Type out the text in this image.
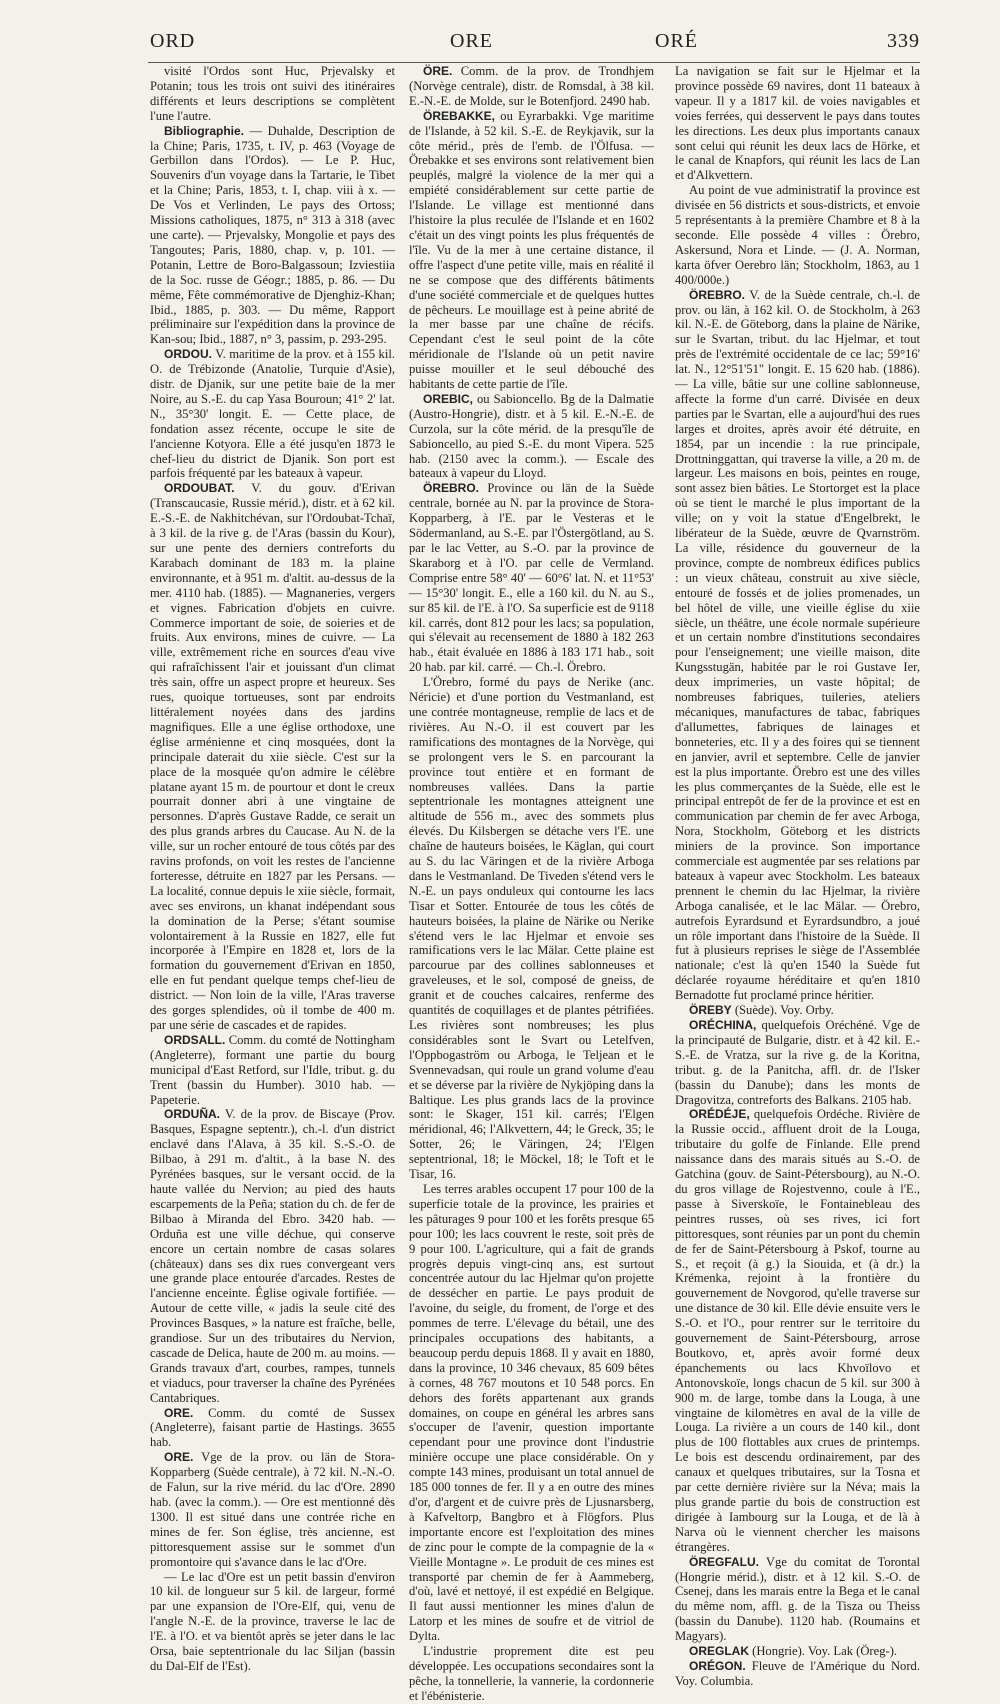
ORD	ORE	ORÉ	339

visité l'Ordos sont Huc, Prjevalsky et Potanin; tous les trois ont suivi des itinéraires différents et leurs descriptions se complètent l'une l'autre.

Bibliographie. — Duhalde, Description de la Chine; Paris, 1735, t. IV, p. 463 (Voyage de Gerbillon dans l'Ordos). — Le P. Huc, Souvenirs d'un voyage dans la Tartarie, le Tibet et la Chine; Paris, 1853, t. I, chap. viii à x. — De Vos et Verlinden, Le pays des Ortoss; Missions catholiques, 1875, n° 313 à 318 (avec une carte). — Prjevalsky, Mongolie et pays des Tangoutes; Paris, 1880, chap. v, p. 101. — Potanin, Lettre de Boro-Balgassoun; Izviestiia de la Soc. russe de Géogr.; 1885, p. 86. — Du même, Fête commémorative de Djenghiz-Khan; Ibid., 1885, p. 303. — Du même, Rapport préliminaire sur l'expédition dans la province de Kan-sou; Ibid., 1887, n° 3, passim, p. 293-295.

ORDOU. V. maritime de la prov. et à 155 kil. O. de Trébizonde (Anatolie, Turquie d'Asie), distr. de Djanik, sur une petite baie de la mer Noire, au S.-E. du cap Yasa Bouroun; 41° 2' lat. N., 35°30' longit. E. — Cette place, de fondation assez récente, occupe le site de l'ancienne Kotyora. Elle a été jusqu'en 1873 le chef-lieu du district de Djanik. Son port est parfois fréquenté par les bateaux à vapeur.

ORDOUBAT. V. du gouv. d'Erivan (Transcaucasie, Russie mérid.), distr. et à 62 kil. E.-S.-E. de Nakhitchévan, sur l'Ordoubat-Tchaï, à 3 kil. de la rive g. de l'Aras (bassin du Kour), sur une pente des derniers contreforts du Karabach dominant de 183 m. la plaine environnante, et à 951 m. d'altit. au-dessus de la mer. 4110 hab. (1885). — Magnaneries, vergers et vignes. Fabrication d'objets en cuivre. Commerce important de soie, de soieries et de fruits. Aux environs, mines de cuivre. — La ville, extrêmement riche en sources d'eau vive qui rafraîchissent l'air et jouissant d'un climat très sain, offre un aspect propre et heureux. Ses rues, quoique tortueuses, sont par endroits littéralement noyées dans des jardins magnifiques. Elle a une église orthodoxe, une église arménienne et cinq mosquées, dont la principale daterait du xiie siècle. C'est sur la place de la mosquée qu'on admire le célèbre platane ayant 15 m. de pourtour et dont le creux pourrait donner abri à une vingtaine de personnes. D'après Gustave Radde, ce serait un des plus grands arbres du Caucase. Au N. de la ville, sur un rocher entouré de tous côtés par des ravins profonds, on voit les restes de l'ancienne forteresse, détruite en 1827 par les Persans. — La localité, connue depuis le xiie siècle, formait, avec ses environs, un khanat indépendant sous la domination de la Perse; s'étant soumise volontairement à la Russie en 1827, elle fut incorporée à l'Empire en 1828 et, lors de la formation du gouvernement d'Erivan en 1850, elle en fut pendant quelque temps chef-lieu de district. — Non loin de la ville, l'Aras traverse des gorges splendides, où il tombe de 400 m. par une série de cascades et de rapides.

ORDSALL. Comm. du comté de Nottingham (Angleterre), formant une partie du bourg municipal d'East Retford, sur l'Idle, tribut. g. du Trent (bassin du Humber). 3010 hab. — Papeterie.

ORDUÑA. V. de la prov. de Biscaye (Prov. Basques, Espagne septentr.), ch.-l. d'un district enclavé dans l'Alava, à 35 kil. S.-S.-O. de Bilbao, à 291 m. d'altit., à la base N. des Pyrénées basques, sur le versant occid. de la haute vallée du Nervion; au pied des hauts escarpements de la Peña; station du ch. de fer de Bilbao à Miranda del Ebro. 3420 hab. — Orduña est une ville déchue, qui conserve encore un certain nombre de casas solares (châteaux) dans ses dix rues convergeant vers une grande place entourée d'arcades. Restes de l'ancienne enceinte. Église ogivale fortifiée. — Autour de cette ville, « jadis la seule cité des Provinces Basques, » la nature est fraîche, belle, grandiose. Sur un des tributaires du Nervion, cascade de Delica, haute de 200 m. au moins. — Grands travaux d'art, courbes, rampes, tunnels et viaducs, pour traverser la chaîne des Pyrénées Cantabriques.

ORE. Comm. du comté de Sussex (Angleterre), faisant partie de Hastings. 3655 hab.

ORE. Vge de la prov. ou län de Stora-Kopparberg (Suède centrale), à 72 kil. N.-N.-O. de Falun, sur la rive mérid. du lac d'Ore. 2890 hab. (avec la comm.). — Ore est mentionné dès 1300. Il est situé dans une contrée riche en mines de fer. Son église, très ancienne, est pittoresquement assise sur le sommet d'un promontoire qui s'avance dans le lac d'Ore.

— Le lac d'Ore est un petit bassin d'environ 10 kil. de longueur sur 5 kil. de largeur, formé par une expansion de l'Ore-Elf, qui, venu de l'angle N.-E. de la province, traverse le lac de l'E. à l'O. et va bientôt après se jeter dans le lac Orsa, baie septentrionale du lac Siljan (bassin du Dal-Elf de l'Est).

ÖRE. Comm. de la prov. de Trondhjem (Norvège centrale), distr. de Romsdal, à 38 kil. E.-N.-E. de Molde, sur le Botenfjord. 2490 hab.

ÖREBAKKE, ou Eyrarbakki. Vge maritime de l'Islande, à 52 kil. S.-E. de Reykjavik, sur la côte mérid., près de l'emb. de l'Ölfusa. — Örebakke et ses environs sont relativement bien peuplés, malgré la violence de la mer qui a empiété considérablement sur cette partie de l'Islande. Le village est mentionné dans l'histoire la plus reculée de l'Islande et en 1602 c'était un des vingt points les plus fréquentés de l'île. Vu de la mer à une certaine distance, il offre l'aspect d'une petite ville, mais en réalité il ne se compose que des différents bâtiments d'une société commerciale et de quelques huttes de pêcheurs. Le mouillage est à peine abrité de la mer basse par une chaîne de récifs. Cependant c'est le seul point de la côte méridionale de l'Islande où un petit navire puisse mouiller et le seul débouché des habitants de cette partie de l'île.

OREBIC, ou Sabioncello. Bg de la Dalmatie (Austro-Hongrie), distr. et à 5 kil. E.-N.-E. de Curzola, sur la côte mérid. de la presqu'île de Sabioncello, au pied S.-E. du mont Vipera. 525 hab. (2150 avec la comm.). — Escale des bateaux à vapeur du Lloyd.

ÖREBRO. Province ou län de la Suède centrale, bornée au N. par la province de Stora-Kopparberg, à l'E. par le Vesteras et le Södermanland, au S.-E. par l'Östergötland, au S. par le lac Vetter, au S.-O. par la province de Skaraborg et à l'O. par celle de Vermland. Comprise entre 58° 40' — 60°6' lat. N. et 11°53' — 15°30' longit. E., elle a 160 kil. du N. au S., sur 85 kil. de l'E. à l'O. Sa superficie est de 9118 kil. carrés, dont 812 pour les lacs; sa population, qui s'élevait au recensement de 1880 à 182 263 hab., était évaluée en 1886 à 183 171 hab., soit 20 hab. par kil. carré. — Ch.-l. Örebro.

L'Örebro, formé du pays de Nerike (anc. Néricie) et d'une portion du Vestmanland, est une contrée montagneuse, remplie de lacs et de rivières. Au N.-O. il est couvert par les ramifications des montagnes de la Norvège, qui se prolongent vers le S. en parcourant la province tout entière et en formant de nombreuses vallées. Dans la partie septentrionale les montagnes atteignent une altitude de 556 m., avec des sommets plus élevés. Du Kilsbergen se détache vers l'E. une chaîne de hauteurs boisées, le Käglan, qui court au S. du lac Väringen et de la rivière Arboga dans le Vestmanland. De Tiveden s'étend vers le N.-E. un pays onduleux qui contourne les lacs Tisar et Sotter. Entourée de tous les côtés de hauteurs boisées, la plaine de Närike ou Nerike s'étend vers le lac Hjelmar et envoie ses ramifications vers le lac Mälar. Cette plaine est parcourue par des collines sablonneuses et graveleuses, et le sol, composé de gneiss, de granit et de couches calcaires, renferme des quantités de coquillages et de plantes pétrifiées. Les rivières sont nombreuses; les plus considérables sont le Svart ou Letelfven, l'Oppbogaström ou Arboga, le Teljean et le Svennevadsan, qui roule un grand volume d'eau et se déverse par la rivière de Nykjöping dans la Baltique. Les plus grands lacs de la province sont: le Skager, 151 kil. carrés; l'Elgen méridional, 46; l'Alkvettern, 44; le Greck, 35; le Sotter, 26; le Väringen, 24; l'Elgen septentrional, 18; le Möckel, 18; le Toft et le Tisar, 16.

Les terres arables occupent 17 pour 100 de la superficie totale de la province, les prairies et les pâturages 9 pour 100 et les forêts presque 65 pour 100; les lacs couvrent le reste, soit près de 9 pour 100. L'agriculture, qui a fait de grands progrès depuis vingt-cinq ans, est surtout concentrée autour du lac Hjelmar qu'on projette de dessécher en partie. Le pays produit de l'avoine, du seigle, du froment, de l'orge et des pommes de terre. L'élevage du bétail, une des principales occupations des habitants, a beaucoup perdu depuis 1868. Il y avait en 1880, dans la province, 10 346 chevaux, 85 609 bêtes à cornes, 48 767 moutons et 10 548 porcs. En dehors des forêts appartenant aux grands domaines, on coupe en général les arbres sans s'occuper de l'avenir, question importante cependant pour une province dont l'industrie minière occupe une place considérable. On y compte 143 mines, produisant un total annuel de 185 000 tonnes de fer. Il y a en outre des mines d'or, d'argent et de cuivre près de Ljusnarsberg, à Kafveltorp, Bangbro et à Flögfors. Plus importante encore est l'exploitation des mines de zinc pour le compte de la compagnie de la « Vieille Montagne ». Le produit de ces mines est transporté par chemin de fer à Aammeberg, d'où, lavé et nettoyé, il est expédié en Belgique. Il faut aussi mentionner les mines d'alun de Latorp et les mines de soufre et de vitriol de Dylta.

L'industrie proprement dite est peu développée. Les occupations secondaires sont la pêche, la tonnellerie, la vannerie, la cordonnerie et l'ébénisterie.

La navigation se fait sur le Hjelmar et la province possède 69 navires, dont 11 bateaux à vapeur. Il y a 1817 kil. de voies navigables et voies ferrées, qui desservent le pays dans toutes les directions. Les deux plus importants canaux sont celui qui réunit les deux lacs de Hörke, et le canal de Knapfors, qui réunit les lacs de Lan et d'Alkvettern.

Au point de vue administratif la province est divisée en 56 districts et sous-districts, et envoie 5 représentants à la première Chambre et 8 à la seconde. Elle possède 4 villes : Örebro, Askersund, Nora et Linde. — (J. A. Norman, karta öfver Oerebro län; Stockholm, 1863, au 1 400/000e.)

ÖREBRO. V. de la Suède centrale, ch.-l. de prov. ou län, à 162 kil. O. de Stockholm, à 263 kil. N.-E. de Göteborg, dans la plaine de Närike, sur le Svartan, tribut. du lac Hjelmar, et tout près de l'extrémité occidentale de ce lac; 59°16' lat. N., 12°51'51" longit. E. 15 620 hab. (1886). — La ville, bâtie sur une colline sablonneuse, affecte la forme d'un carré. Divisée en deux parties par le Svartan, elle a aujourd'hui des rues larges et droites, après avoir été détruite, en 1854, par un incendie : la rue principale, Drottninggattan, qui traverse la ville, a 20 m. de largeur. Les maisons en bois, peintes en rouge, sont assez bien bâties. Le Stortorget est la place où se tient le marché le plus important de la ville; on y voit la statue d'Engelbrekt, le libérateur de la Suède, œuvre de Qvarnström. La ville, résidence du gouverneur de la province, compte de nombreux édifices publics : un vieux château, construit au xive siècle, entouré de fossés et de jolies promenades, un bel hôtel de ville, une vieille église du xiie siècle, un théâtre, une école normale supérieure et un certain nombre d'institutions secondaires pour l'enseignement; une vieille maison, dite Kungsstugän, habitée par le roi Gustave Ier, deux imprimeries, un vaste hôpital; de nombreuses fabriques, tuileries, ateliers mécaniques, manufactures de tabac, fabriques d'allumettes, fabriques de lainages et bonneteries, etc. Il y a des foires qui se tiennent en janvier, avril et septembre. Celle de janvier est la plus importante. Örebro est une des villes les plus commerçantes de la Suède, elle est le principal entrepôt de fer de la province et est en communication par chemin de fer avec Arboga, Nora, Stockholm, Göteborg et les districts miniers de la province. Son importance commerciale est augmentée par ses relations par bateaux à vapeur avec Stockholm. Les bateaux prennent le chemin du lac Hjelmar, la rivière Arboga canalisée, et le lac Mälar. — Örebro, autrefois Eyrardsund et Eyrardsundbro, a joué un rôle important dans l'histoire de la Suède. Il fut à plusieurs reprises le siège de l'Assemblée nationale; c'est là qu'en 1540 la Suède fut déclarée royaume héréditaire et qu'en 1810 Bernadotte fut proclamé prince héritier.

ÖREBY (Suède). Voy. Orby.

ORÉCHINA, quelquefois Oréchéné. Vge de la principauté de Bulgarie, distr. et à 42 kil. E.-S.-E. de Vratza, sur la rive g. de la Koritna, tribut. g. de la Panitcha, affl. dr. de l'Isker (bassin du Danube); dans les monts de Dragovitza, contreforts des Balkans. 2105 hab.

ORÉDÉJE, quelquefois Ordéche. Rivière de la Russie occid., affluent droit de la Louga, tributaire du golfe de Finlande. Elle prend naissance dans des marais situés au S.-O. de Gatchina (gouv. de Saint-Pétersbourg), au N.-O. du gros village de Rojestvenno, coule à l'E., passe à Siverskoïe, le Fontainebleau des peintres russes, où ses rives, ici fort pittoresques, sont réunies par un pont du chemin de fer de Saint-Pétersbourg à Pskof, tourne au S., et reçoit (à g.) la Siouida, et (à dr.) la Krémenka, rejoint à la frontière du gouvernement de Novgorod, qu'elle traverse sur une distance de 30 kil. Elle dévie ensuite vers le S.-O. et l'O., pour rentrer sur le territoire du gouvernement de Saint-Pétersbourg, arrose Boutkovo, et, après avoir formé deux épanchements ou lacs Khvoïlovo et Antonovskoïe, longs chacun de 5 kil. sur 300 à 900 m. de large, tombe dans la Louga, à une vingtaine de kilomètres en aval de la ville de Louga. La rivière a un cours de 140 kil., dont plus de 100 flottables aux crues de printemps. Le bois est descendu ordinairement, par des canaux et quelques tributaires, sur la Tosna et par cette dernière rivière sur la Néva; mais la plus grande partie du bois de construction est dirigée à Iambourg sur la Louga, et de là à Narva où le viennent chercher les maisons étrangères.

ÖREGFALU. Vge du comitat de Torontal (Hongrie mérid.), distr. et à 12 kil. S.-O. de Csenej, dans les marais entre la Bega et le canal du même nom, affl. g. de la Tisza ou Theiss (bassin du Danube). 1120 hab. (Roumains et Magyars).

OREGLAK (Hongrie). Voy. Lak (Öreg-).

ORÉGON. Fleuve de l'Amérique du Nord. Voy. Columbia.
